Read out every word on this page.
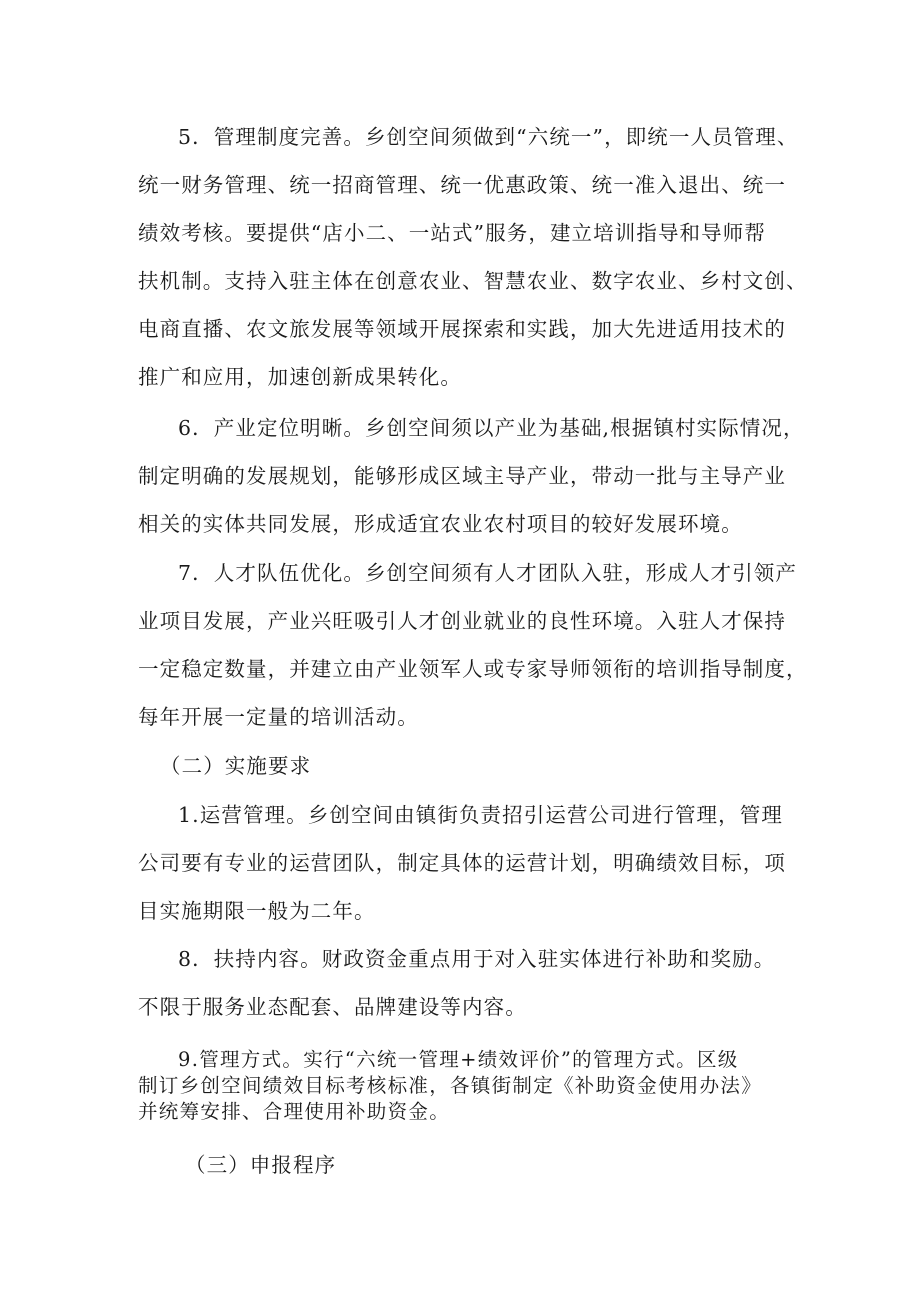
5．管理制度完善。乡创空间须做到“六统一”，即统一人员管理、
统一财务管理、统一招商管理、统一优惠政策、统一准入退出、统一
绩效考核。要提供“店小二、一站式”服务，建立培训指导和导师帮
扶机制。支持入驻主体在创意农业、智慧农业、数字农业、乡村文创、
电商直播、农文旅发展等领域开展探索和实践，加大先进适用技术的
推广和应用，加速创新成果转化。
6．产业定位明晰。乡创空间须以产业为基础,根据镇村实际情况，
制定明确的发展规划，能够形成区域主导产业，带动一批与主导产业
相关的实体共同发展，形成适宜农业农村项目的较好发展环境。
7．人才队伍优化。乡创空间须有人才团队入驻，形成人才引领产
业项目发展，产业兴旺吸引人才创业就业的良性环境。入驻人才保持
一定稳定数量，并建立由产业领军人或专家导师领衔的培训指导制度，
每年开展一定量的培训活动。
（二）实施要求
1.运营管理。乡创空间由镇街负责招引运营公司进行管理，管理
公司要有专业的运营团队，制定具体的运营计划，明确绩效目标，项
目实施期限一般为二年。
8．扶持内容。财政资金重点用于对入驻实体进行补助和奖励。
不限于服务业态配套、品牌建设等内容。
9.管理方式。实行“六统一管理+绩效评价”的管理方式。区级
制订乡创空间绩效目标考核标准，各镇街制定《补助资金使用办法》
并统筹安排、合理使用补助资金。
（三）申报程序
